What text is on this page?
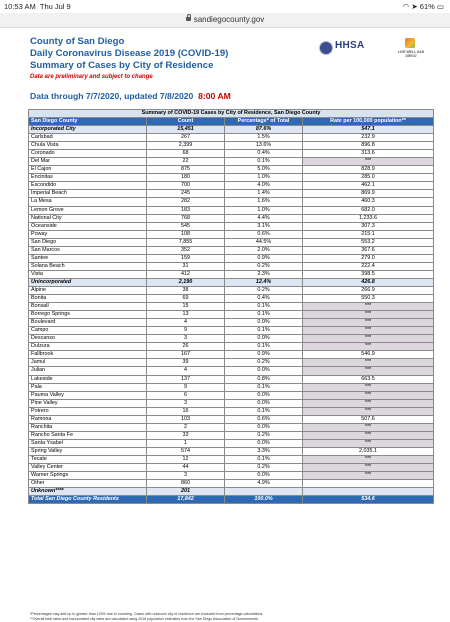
10:53 AM Thu Jul 9	◠ ➤ 61% ▭
sandiegocounty.gov
County of San Diego
Daily Coronavirus Disease 2019 (COVID-19)
Summary of Cases by City of Residence
Data are preliminary and subject to change
HHSA
LIVE WELL SAN DIEGO
Data through 7/7/2020, updated 7/8/2020 8:00 AM
Summary of COVID-19 Cases by City of Residence, San Diego County			
San Diego County	Count	Percentage* of Total	Rate per 100,000 population**
Incorporated City	15,451	87.6%	547.1
Carlsbad	267	1.5%	232.9
Chula Vista	2,399	13.6%	896.8
Coronado	68	0.4%	313.6
Del Mar	22	0.1%	***
El Cajon	875	5.0%	828.9
Encinitas	180	1.0%	285.0
Escondido	700	4.0%	462.1
Imperial Beach	245	1.4%	869.9
La Mesa	282	1.6%	460.3
Lemon Grove	183	1.0%	682.0
National City	768	4.4%	1,233.6
Oceanside	545	3.1%	307.3
Poway	108	0.6%	215.1
San Diego	7,855	44.5%	553.2
San Marcos	352	2.0%	367.6
Santee	159	0.9%	279.0
Solana Beach	31	0.2%	222.4
Vista	412	2.3%	398.5
Unincorporated	2,190	12.4%	426.8
Alpine	38	0.2%	266.9
Bonita	69	0.4%	550.3
Bonsall	15	0.1%	***
Borrego Springs	13	0.1%	***
Boulevard	4	0.0%	***
Campo	9	0.1%	***
Descanso	3	0.0%	***
Dulzura	26	0.1%	***
Fallbrook	167	0.9%	546.9
Jamul	39	0.2%	***
Julian	4	0.0%	***
Lakeside	137	0.8%	663.5
Pala	9	0.1%	***
Pauma Valley	6	0.0%	***
Pine Valley	3	0.0%	***
Potrero	16	0.1%	***
Ramona	103	0.6%	507.6
Ranchita	2	0.0%	***
Rancho Santa Fe	33	0.2%	***
Santa Ysabel	1	0.0%	***
Spring Valley	574	3.3%	2,035.1
Tecate	12	0.1%	***
Valley Center	44	0.2%	***
Warner Springs	3	0.0%	***
Other	860	4.9%	
Unknown****	201		
Total San Diego County Residents	17,842	100.0%	534.6
*Percentages may add up to greater than 100% due to rounding. Cases with unknown city of residence are excluded from percentage calculations.
**Overall total rates and incorporated city rates are calculated using 2018 population estimates from the San Diego Association of Governments.
